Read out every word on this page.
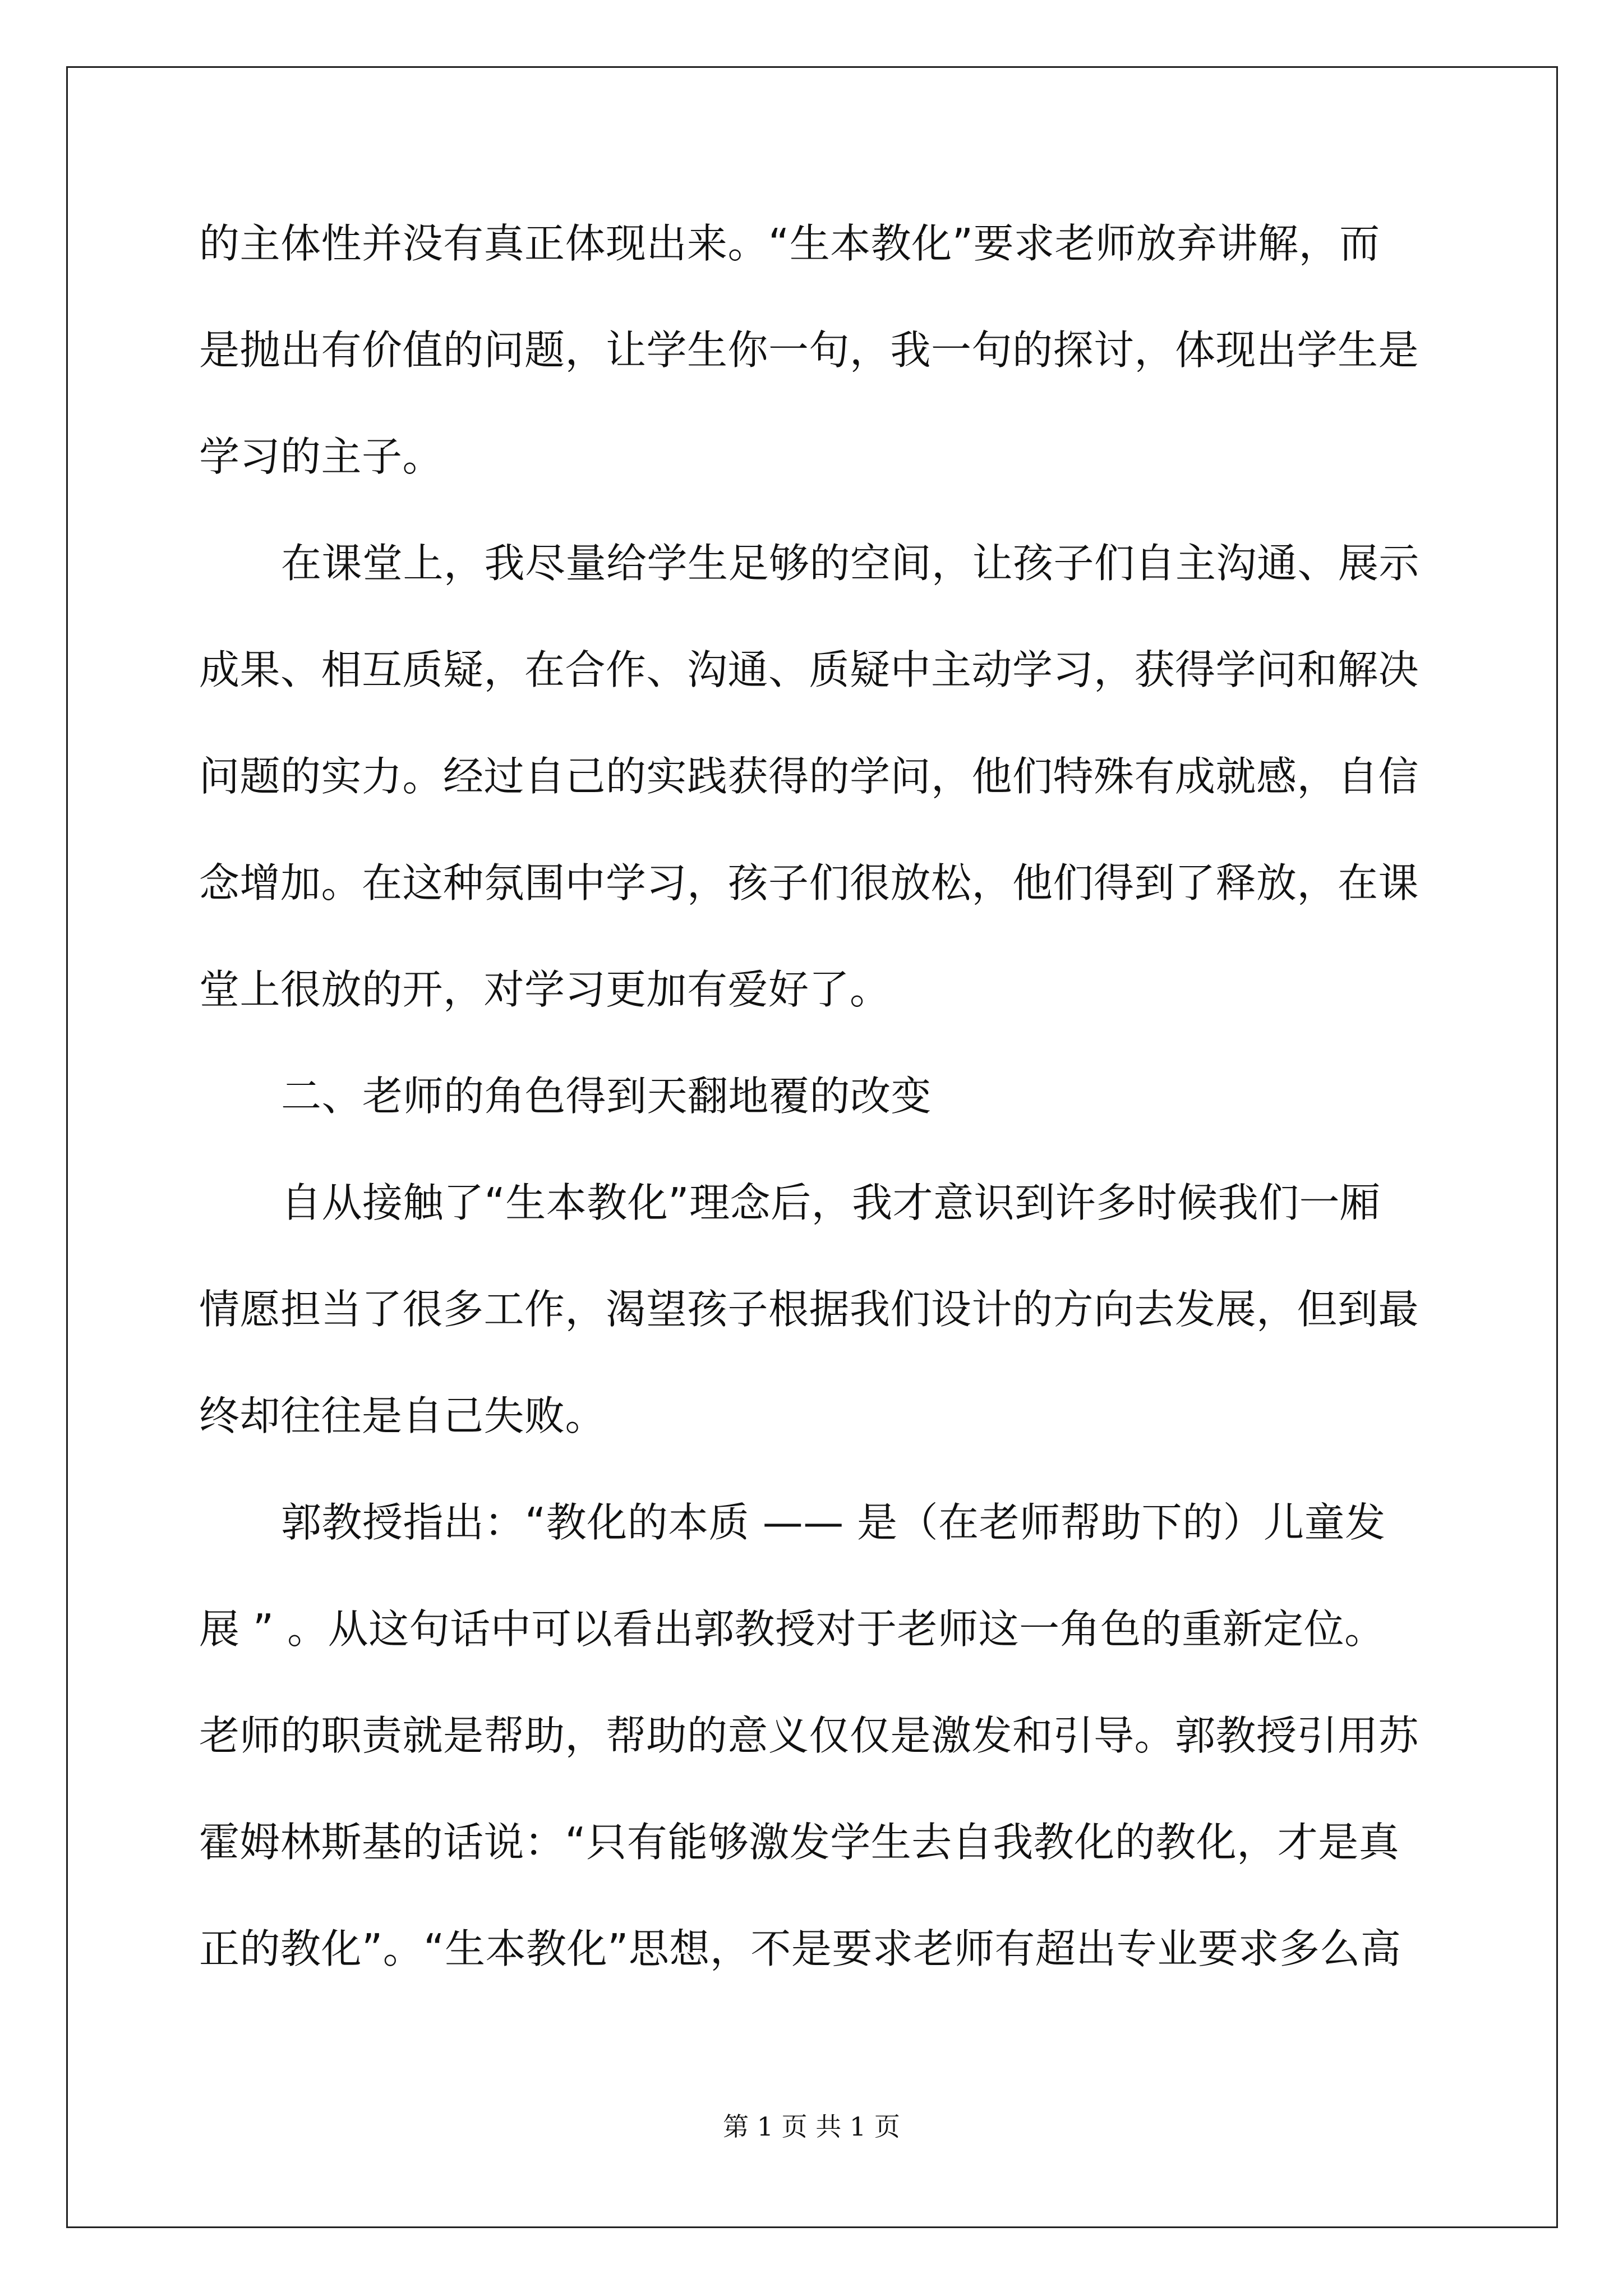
的主体性并没有真正体现出来。“生本教化”要求老师放弃讲解，而
是抛出有价值的问题，让学生你一句，我一句的探讨，体现出学生是
学习的主子。
在课堂上，我尽量给学生足够的空间，让孩子们自主沟通、展示
成果、相互质疑，在合作、沟通、质疑中主动学习，获得学问和解决
问题的实力。经过自己的实践获得的学问，他们特殊有成就感，自信
念增加。在这种氛围中学习，孩子们很放松，他们得到了释放，在课
堂上很放的开，对学习更加有爱好了。
二、老师的角色得到天翻地覆的改变
自从接触了“生本教化”理念后，我才意识到许多时候我们一厢
情愿担当了很多工作，渴望孩子根据我们设计的方向去发展，但到最
终却往往是自己失败。
郭教授指出：“教化的本质 —— 是（在老师帮助下的）儿童发
展 ” 。从这句话中可以看出郭教授对于老师这一角色的重新定位。
老师的职责就是帮助，帮助的意义仅仅是激发和引导。郭教授引用苏
霍姆林斯基的话说：“只有能够激发学生去自我教化的教化，才是真
正的教化”。“生本教化”思想，不是要求老师有超出专业要求多么高
第 1 页 共 1 页
